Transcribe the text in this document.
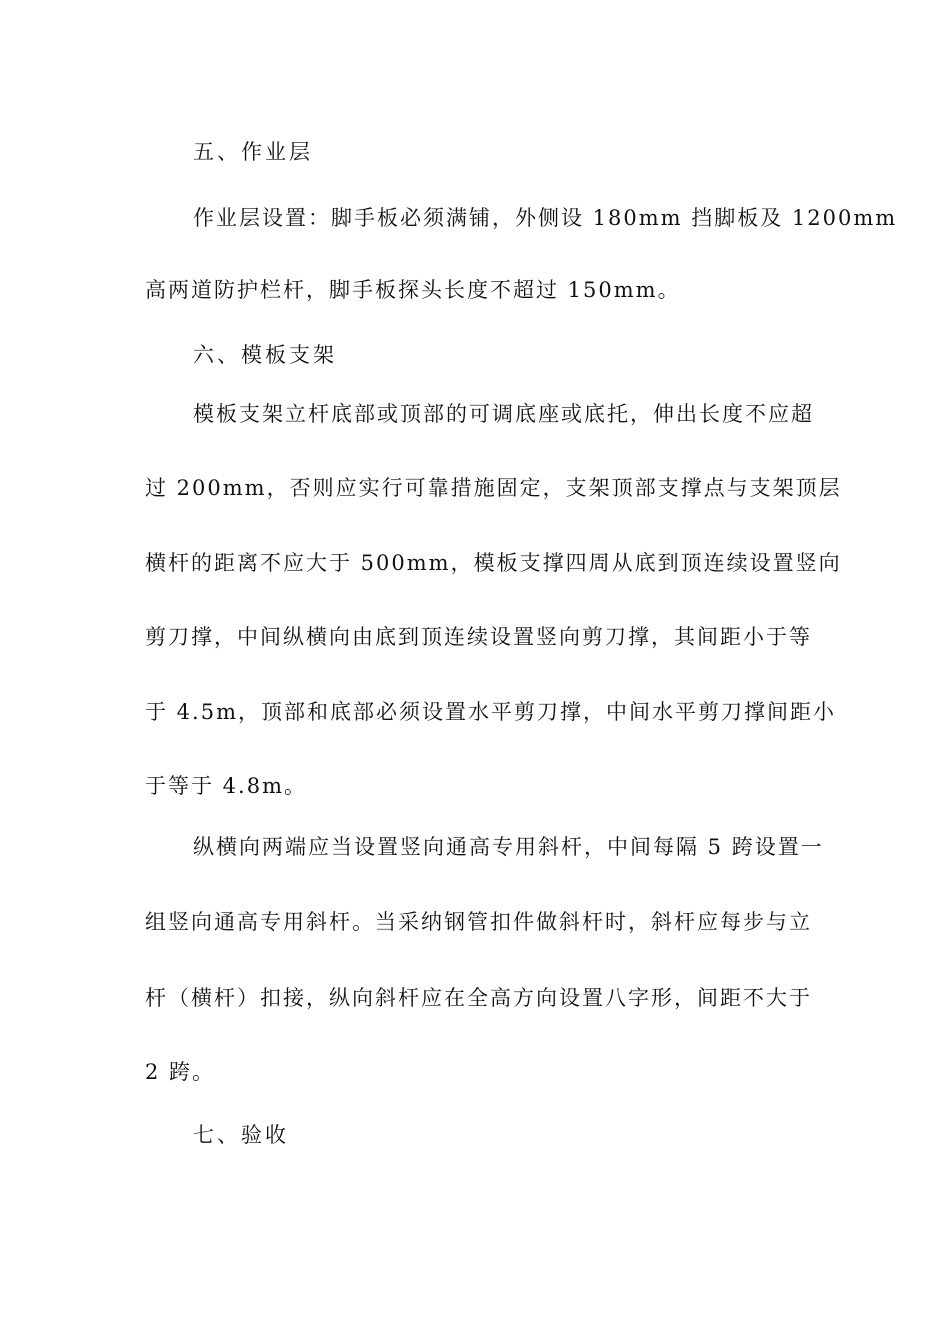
五、作业层
作业层设置：脚手板必须满铺，外侧设 180mm 挡脚板及 1200mm
高两道防护栏杆，脚手板探头长度不超过 150mm。
六、模板支架
模板支架立杆底部或顶部的可调底座或底托，伸出长度不应超
过 200mm，否则应实行可靠措施固定，支架顶部支撑点与支架顶层
横杆的距离不应大于 500mm，模板支撑四周从底到顶连续设置竖向
剪刀撑，中间纵横向由底到顶连续设置竖向剪刀撑，其间距小于等
于 4.5m，顶部和底部必须设置水平剪刀撑，中间水平剪刀撑间距小
于等于 4.8m。
纵横向两端应当设置竖向通高专用斜杆，中间每隔 5 跨设置一
组竖向通高专用斜杆。当采纳钢管扣件做斜杆时，斜杆应每步与立
杆（横杆）扣接，纵向斜杆应在全高方向设置八字形，间距不大于
2 跨。
七、验收
